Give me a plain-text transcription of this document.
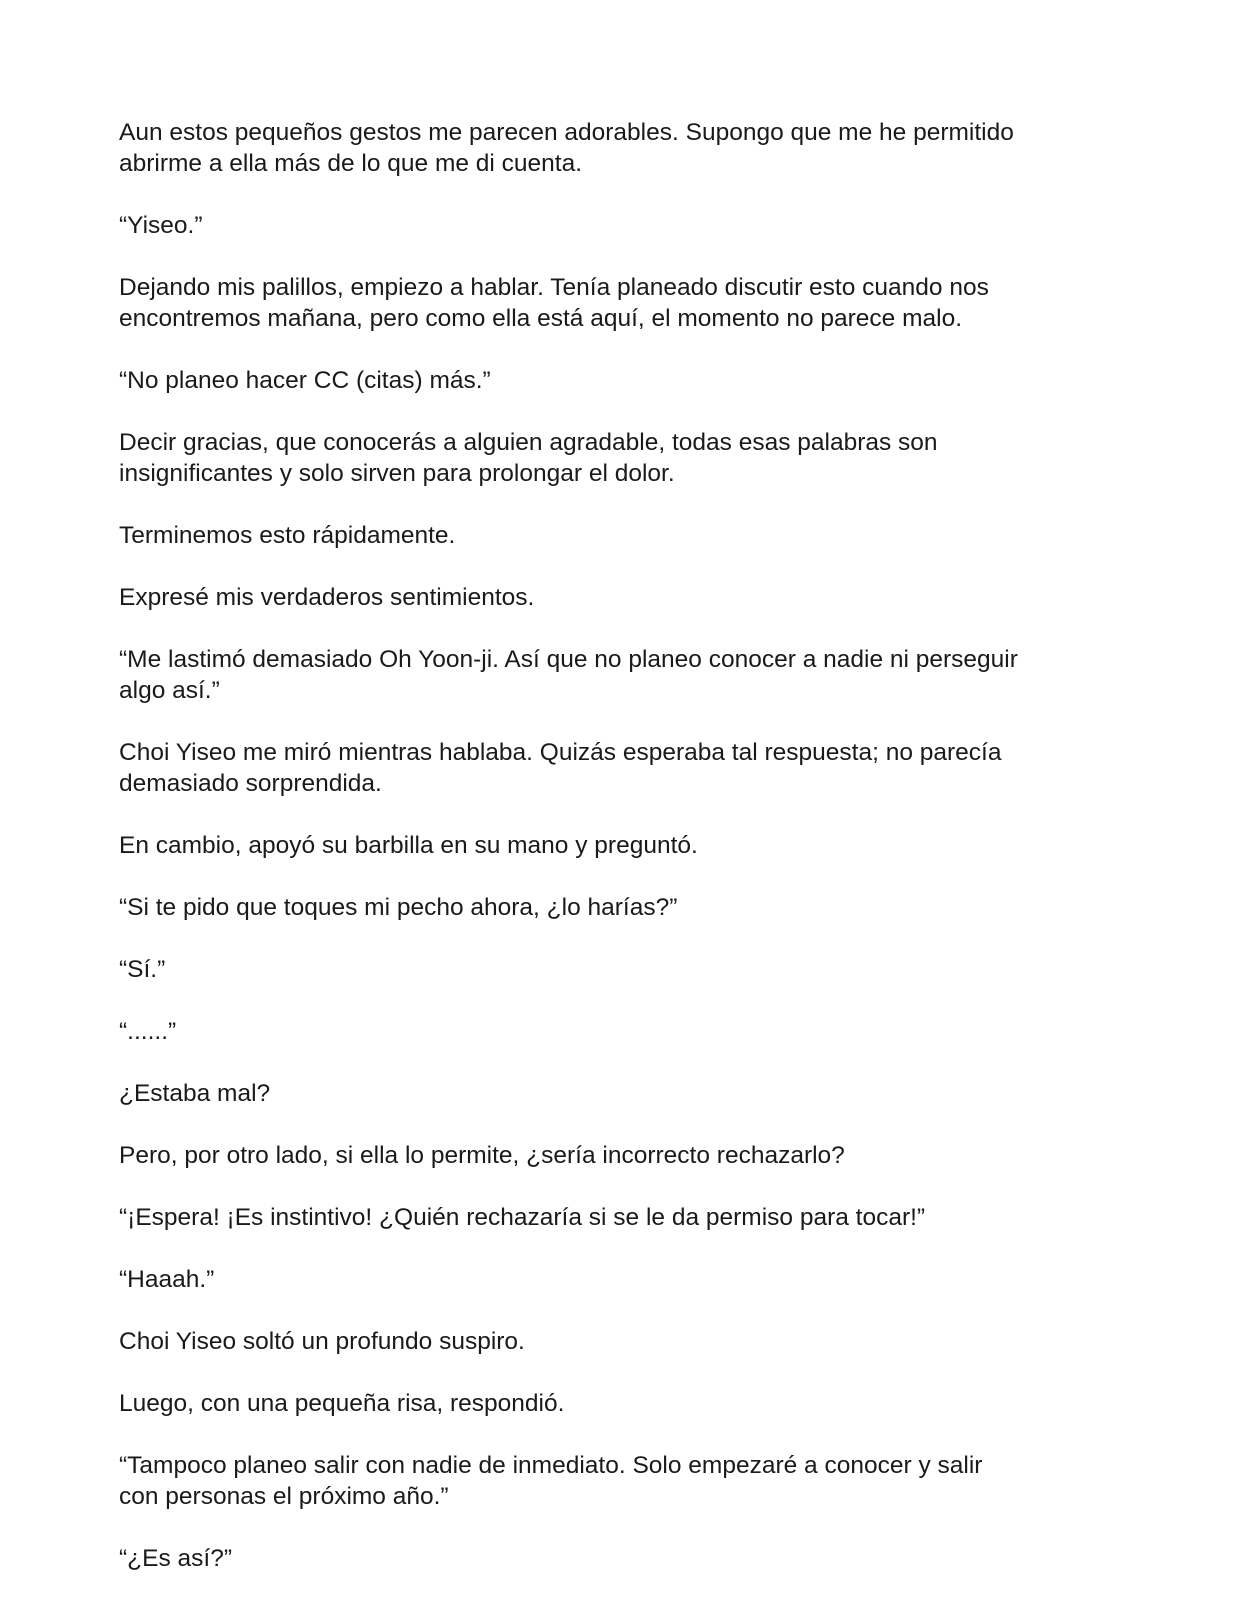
Aun estos pequeños gestos me parecen adorables. Supongo que me he permitido
abrirme a ella más de lo que me di cuenta.

“Yiseo.”

Dejando mis palillos, empiezo a hablar. Tenía planeado discutir esto cuando nos
encontremos mañana, pero como ella está aquí, el momento no parece malo.

“No planeo hacer CC (citas) más.”

Decir gracias, que conocerás a alguien agradable, todas esas palabras son
insignificantes y solo sirven para prolongar el dolor.

Terminemos esto rápidamente.

Expresé mis verdaderos sentimientos.

“Me lastimó demasiado Oh Yoon-ji. Así que no planeo conocer a nadie ni perseguir
algo así.”

Choi Yiseo me miró mientras hablaba. Quizás esperaba tal respuesta; no parecía
demasiado sorprendida.

En cambio, apoyó su barbilla en su mano y preguntó.

“Si te pido que toques mi pecho ahora, ¿lo harías?”

“Sí.”

“......”

¿Estaba mal?

Pero, por otro lado, si ella lo permite, ¿sería incorrecto rechazarlo?

“¡Espera! ¡Es instintivo! ¿Quién rechazaría si se le da permiso para tocar!”

“Haaah.”

Choi Yiseo soltó un profundo suspiro.

Luego, con una pequeña risa, respondió.

“Tampoco planeo salir con nadie de inmediato. Solo empezaré a conocer y salir
con personas el próximo año.”

“¿Es así?”
